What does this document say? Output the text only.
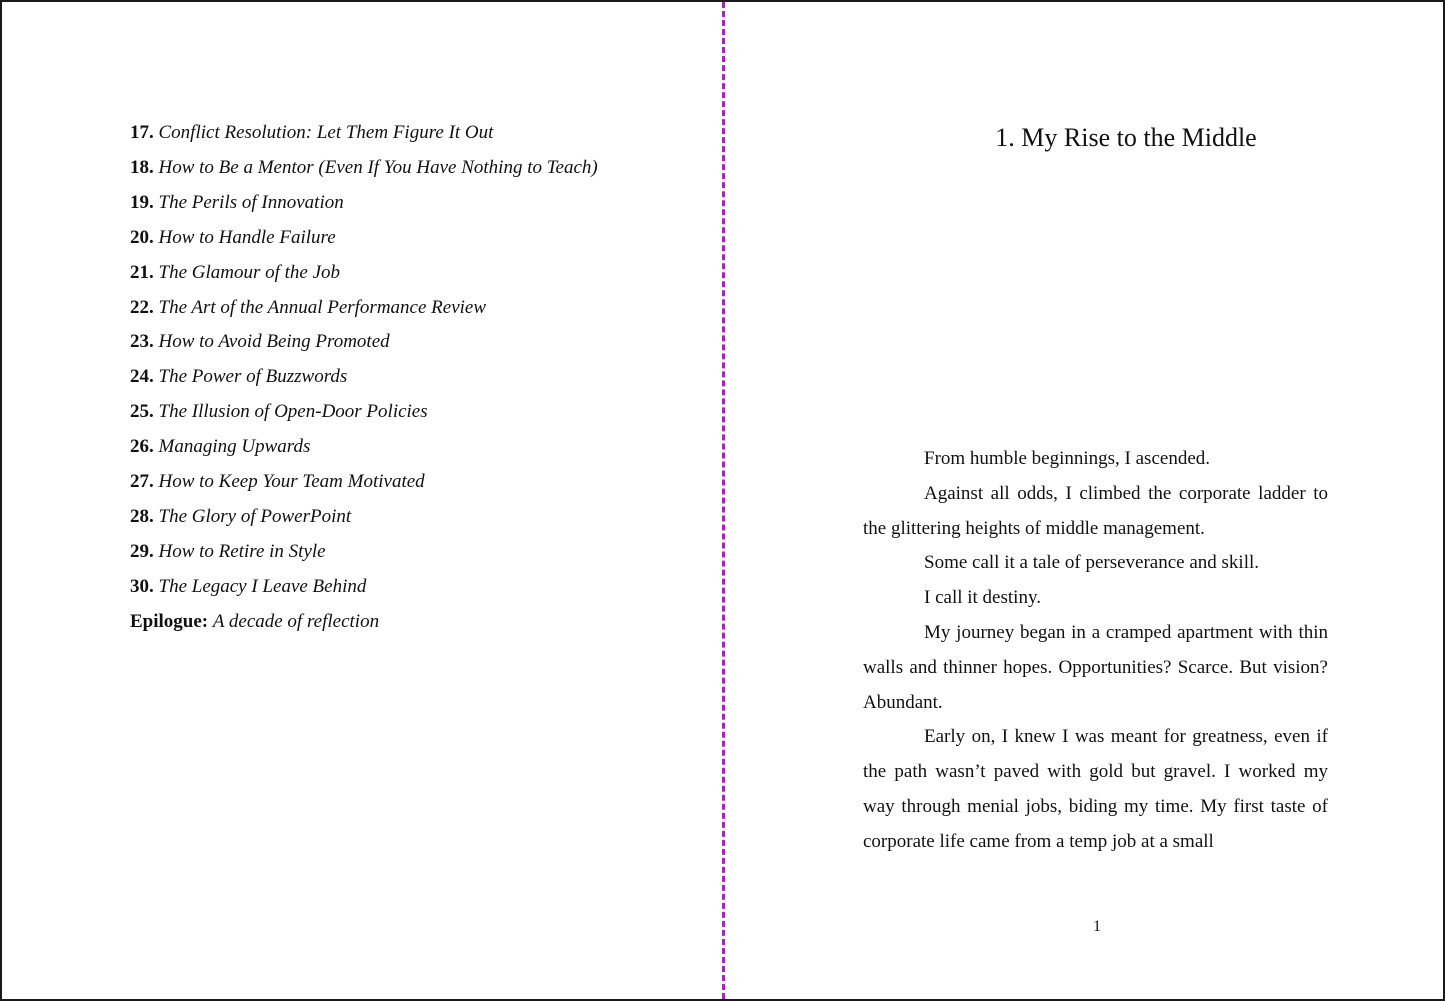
17. Conflict Resolution: Let Them Figure It Out
18. How to Be a Mentor (Even If You Have Nothing to Teach)
19. The Perils of Innovation
20. How to Handle Failure
21. The Glamour of the Job
22. The Art of the Annual Performance Review
23. How to Avoid Being Promoted
24. The Power of Buzzwords
25. The Illusion of Open-Door Policies
26. Managing Upwards
27. How to Keep Your Team Motivated
28. The Glory of PowerPoint
29. How to Retire in Style
30. The Legacy I Leave Behind
Epilogue: A decade of reflection
1. My Rise to the Middle

From humble beginnings, I ascended.

Against all odds, I climbed the corporate ladder to the glittering heights of middle management.

Some call it a tale of perseverance and skill.

I call it destiny.

My journey began in a cramped apartment with thin walls and thinner hopes. Opportunities? Scarce. But vision? Abundant.

Early on, I knew I was meant for greatness, even if the path wasn’t paved with gold but gravel. I worked my way through menial jobs, biding my time. My first taste of corporate life came from a temp job at a small

1
